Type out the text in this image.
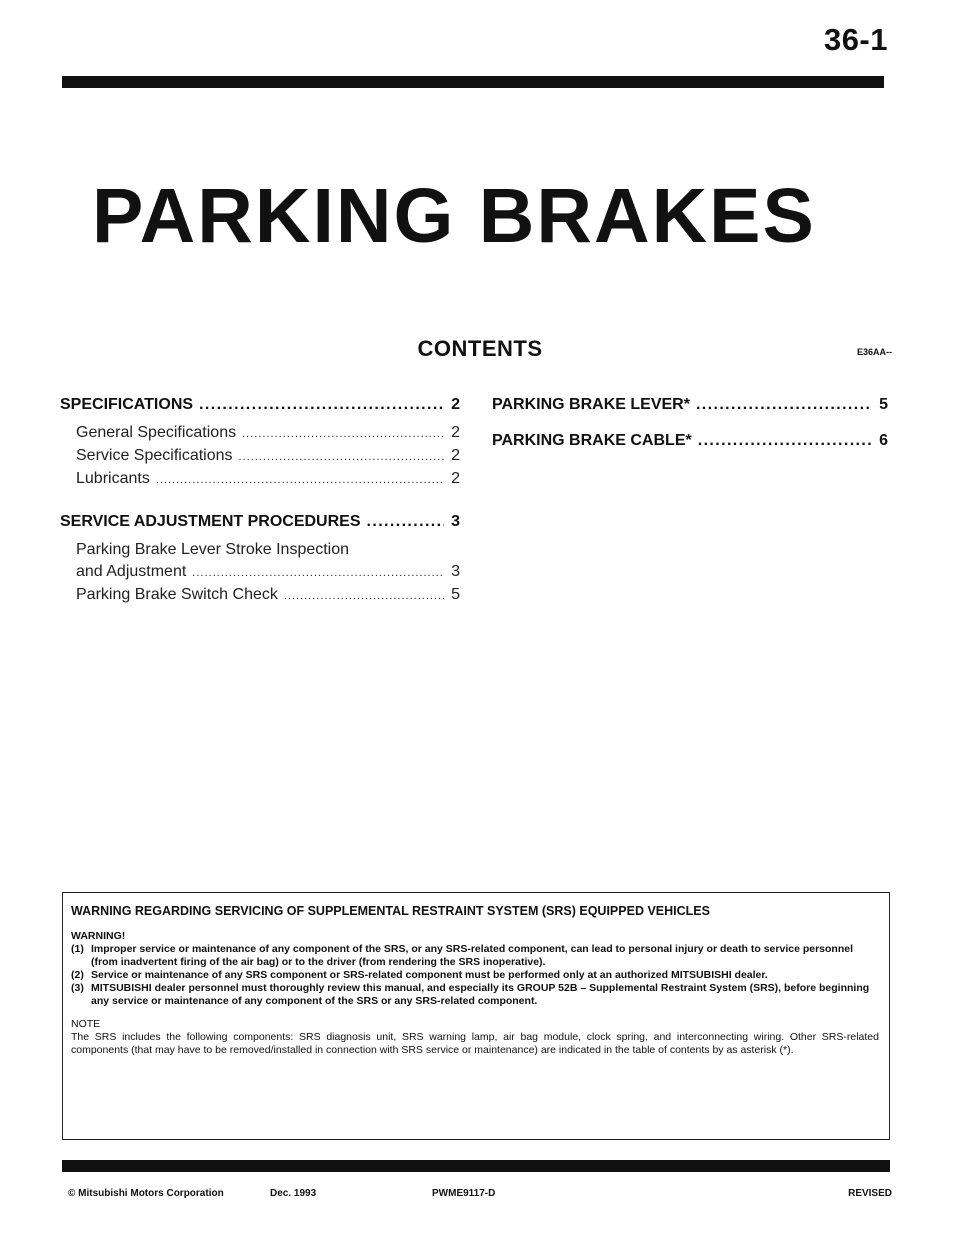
36-1
PARKING BRAKES
CONTENTS	E36AA--
SPECIFICATIONS .....	2
General Specifications .....	2
Service Specifications .....	2
Lubricants .....	2
SERVICE ADJUSTMENT PROCEDURES .....	3
Parking Brake Lever Stroke Inspection
and Adjustment .....	3
Parking Brake Switch Check .....	5
PARKING BRAKE LEVER* .....	5
PARKING BRAKE CABLE* .....	6
WARNING REGARDING SERVICING OF SUPPLEMENTAL RESTRAINT SYSTEM (SRS) EQUIPPED VEHICLES
WARNING!
(1) Improper service or maintenance of any component of the SRS, or any SRS-related component, can lead to personal injury or death to service personnel (from inadvertent firing of the air bag) or to the driver (from rendering the SRS inoperative).
(2) Service or maintenance of any SRS component or SRS-related component must be performed only at an authorized MITSUBISHI dealer.
(3) MITSUBISHI dealer personnel must thoroughly review this manual, and especially its GROUP 52B – Supplemental Restraint System (SRS), before beginning any service or maintenance of any component of the SRS or any SRS-related component.
NOTE
The SRS includes the following components: SRS diagnosis unit, SRS warning lamp, air bag module, clock spring, and interconnecting wiring. Other SRS-related components (that may have to be removed/installed in connection with SRS service or maintenance) are indicated in the table of contents by as asterisk (*).
© Mitsubishi Motors Corporation	Dec. 1993	PWME9117-D	REVISED
